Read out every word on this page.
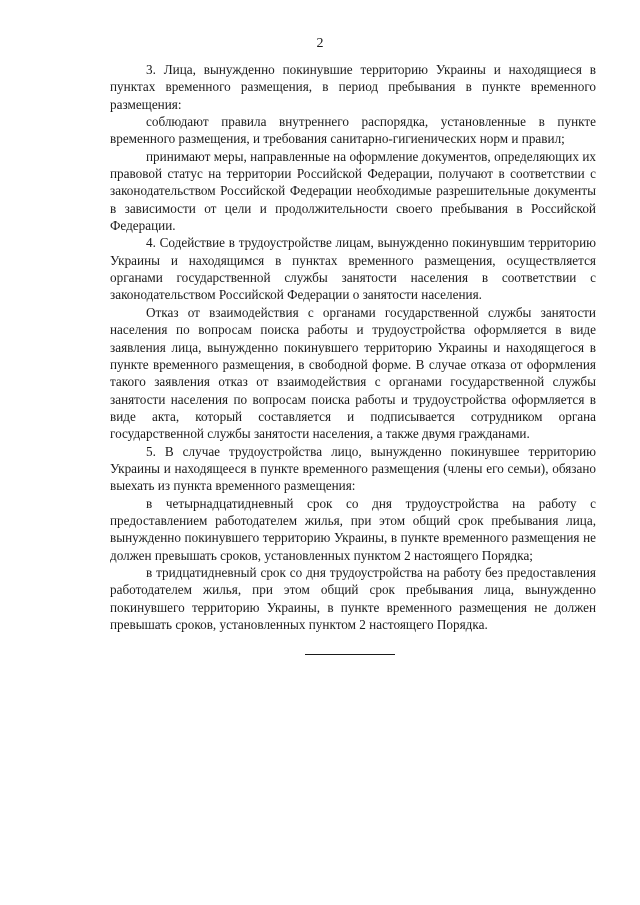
2

3. Лица, вынужденно покинувшие территорию Украины и находящиеся в пунктах временного размещения, в период пребывания в пункте временного размещения:

соблюдают правила внутреннего распорядка, установленные в пункте временного размещения, и требования санитарно-гигиенических норм и правил;

принимают меры, направленные на оформление документов, определяющих их правовой статус на территории Российской Федерации, получают в соответствии с законодательством Российской Федерации необходимые разрешительные документы в зависимости от цели и продолжительности своего пребывания в Российской Федерации.

4. Содействие в трудоустройстве лицам, вынужденно покинувшим территорию Украины и находящимся в пунктах временного размещения, осуществляется органами государственной службы занятости населения в соответствии с законодательством Российской Федерации о занятости населения.

Отказ от взаимодействия с органами государственной службы занятости населения по вопросам поиска работы и трудоустройства оформляется в виде заявления лица, вынужденно покинувшего территорию Украины и находящегося в пункте временного размещения, в свободной форме. В случае отказа от оформления такого заявления отказ от взаимодействия с органами государственной службы занятости населения по вопросам поиска работы и трудоустройства оформляется в виде акта, который составляется и подписывается сотрудником органа государственной службы занятости населения, а также двумя гражданами.

5. В случае трудоустройства лицо, вынужденно покинувшее территорию Украины и находящееся в пункте временного размещения (члены его семьи), обязано выехать из пункта временного размещения:

в четырнадцатидневный срок со дня трудоустройства на работу с предоставлением работодателем жилья, при этом общий срок пребывания лица, вынужденно покинувшего территорию Украины, в пункте временного размещения не должен превышать сроков, установленных пунктом 2 настоящего Порядка;

в тридцатидневный срок со дня трудоустройства на работу без предоставления работодателем жилья, при этом общий срок пребывания лица, вынужденно покинувшего территорию Украины, в пункте временного размещения не должен превышать сроков, установленных пунктом 2 настоящего Порядка.
